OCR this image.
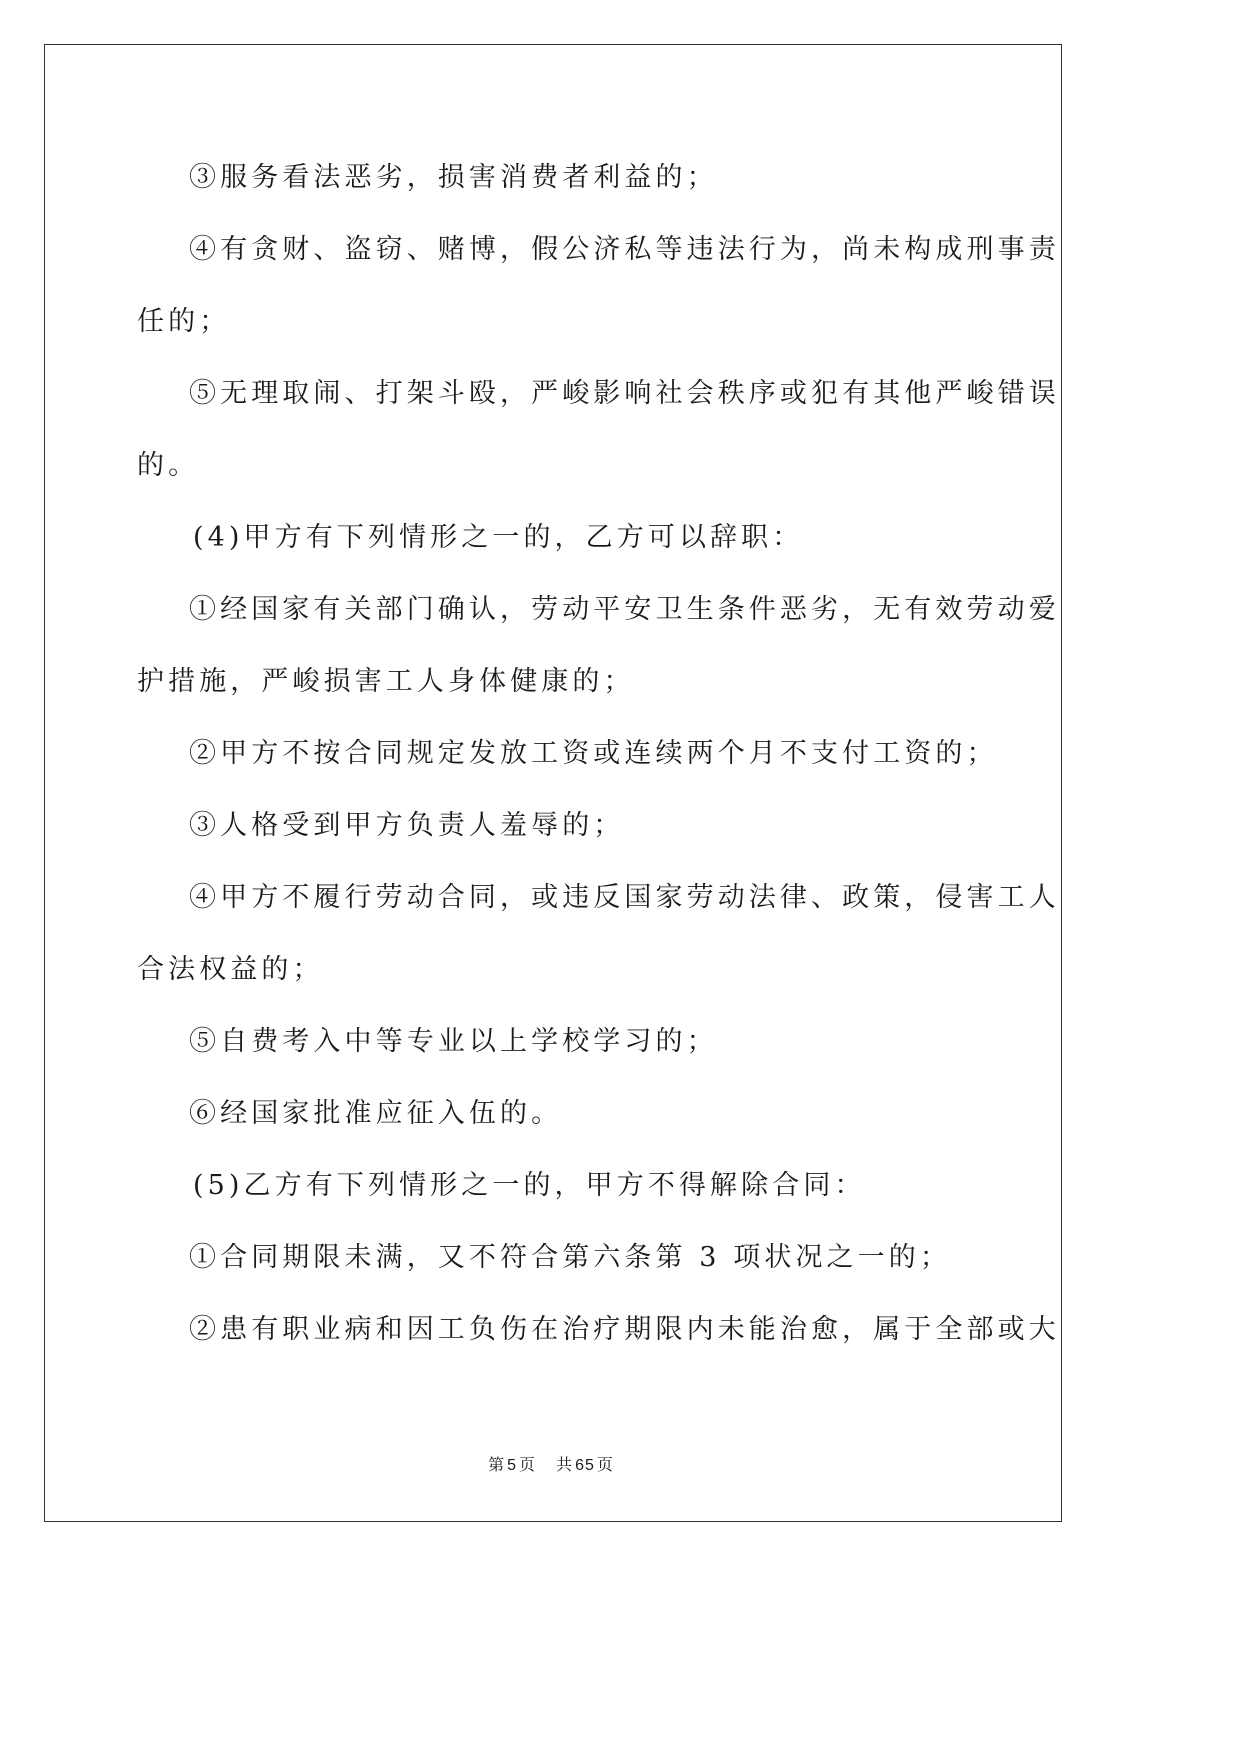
③服务看法恶劣，损害消费者利益的；
④有贪财、盗窃、赌博，假公济私等违法行为，尚未构成刑事责
任的；
⑤无理取闹、打架斗殴，严峻影响社会秩序或犯有其他严峻错误
的。
(4)甲方有下列情形之一的，乙方可以辞职：
①经国家有关部门确认，劳动平安卫生条件恶劣，无有效劳动爱
护措施，严峻损害工人身体健康的；
②甲方不按合同规定发放工资或连续两个月不支付工资的；
③人格受到甲方负责人羞辱的；
④甲方不履行劳动合同，或违反国家劳动法律、政策，侵害工人
合法权益的；
⑤自费考入中等专业以上学校学习的；
⑥经国家批准应征入伍的。
(5)乙方有下列情形之一的，甲方不得解除合同：
①合同期限未满，又不符合第六条第 3 项状况之一的；
②患有职业病和因工负伤在治疗期限内未能治愈，属于全部或大
第 5 页 共 65 页
